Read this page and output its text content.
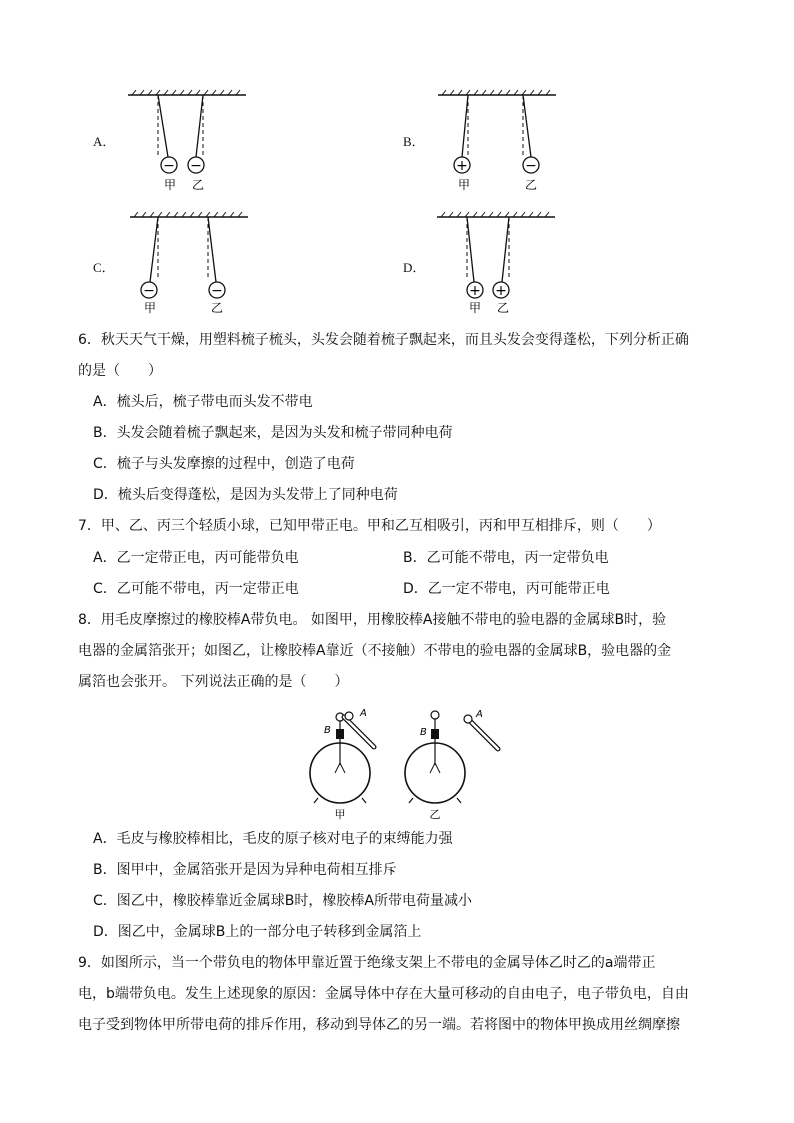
A．
− −
甲 乙
B．
+	−
甲	乙
C．
−	−
甲	乙
D．
+ +
甲 乙
6．秋天天气干燥，用塑料梳子梳头，头发会随着梳子飘起来，而且头发会变得蓬松，下列分析正确
的是（　　）
A．梳头后，梳子带电而头发不带电
B．头发会随着梳子飘起来，是因为头发和梳子带同种电荷
C．梳子与头发摩擦的过程中，创造了电荷
D．梳头后变得蓬松，是因为头发带上了同种电荷
7．甲、乙、丙三个轻质小球，已知甲带正电。甲和乙互相吸引，丙和甲互相排斥，则（　　）
A．乙一定带正电，丙可能带负电	B．乙可能不带电，丙一定带负电
C．乙可能不带电，丙一定带正电	D．乙一定不带电，丙可能带正电
8．用毛皮摩擦过的橡胶棒A带负电。 如图甲，用橡胶棒A接触不带电的验电器的金属球B时，验
电器的金属箔张开；如图乙，让橡胶棒A靠近（不接触）不带电的验电器的金属球B，验电器的金
属箔也会张开。 下列说法正确的是（　　）
A
B
甲
A
B
乙
A．毛皮与橡胶棒相比，毛皮的原子核对电子的束缚能力强
B．图甲中，金属箔张开是因为异种电荷相互排斥
C．图乙中，橡胶棒靠近金属球B时，橡胶棒A所带电荷量减小
D．图乙中，金属球B上的一部分电子转移到金属箔上
9．如图所示，当一个带负电的物体甲靠近置于绝缘支架上不带电的金属导体乙时乙的a端带正
电，b端带负电。发生上述现象的原因：金属导体中存在大量可移动的自由电子，电子带负电，自由
电子受到物体甲所带电荷的排斥作用，移动到导体乙的另一端。若将图中的物体甲换成用丝绸摩擦
